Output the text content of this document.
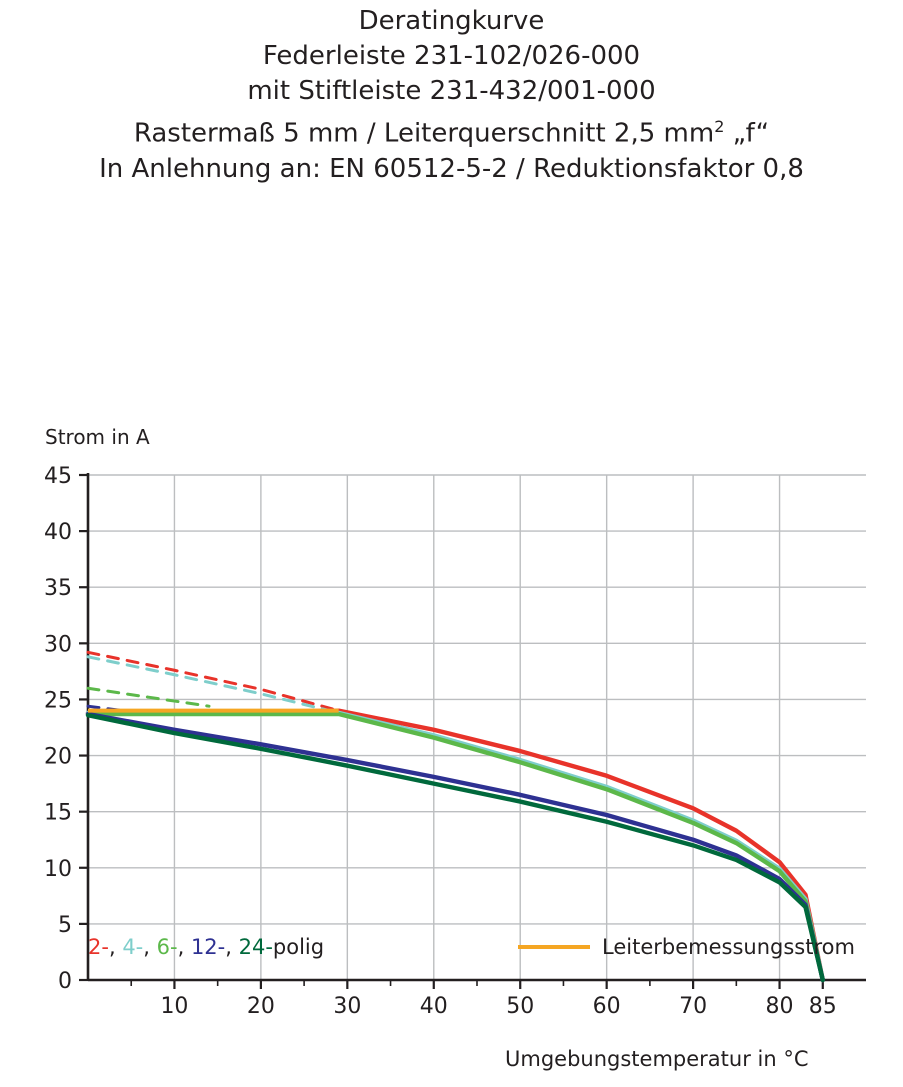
Deratingkurve
Federleiste 231-102/026-000
mit Stiftleiste 231-432/001-000
Rastermaß 5 mm / Leiterquerschnitt 2,5 $mm^2$ „f“
In Anlehnung an: EN 60512-5-2 / Reduktionsfaktor 0,8
Strom in A
10	20	30	40	50	60	70	80 85
0
5
10
15
20
25
30
35
40
45
Umgebungstemperatur in °C
2-, 4-, 6-, 12-, 24-polig	Leiterbemessungsstrom
